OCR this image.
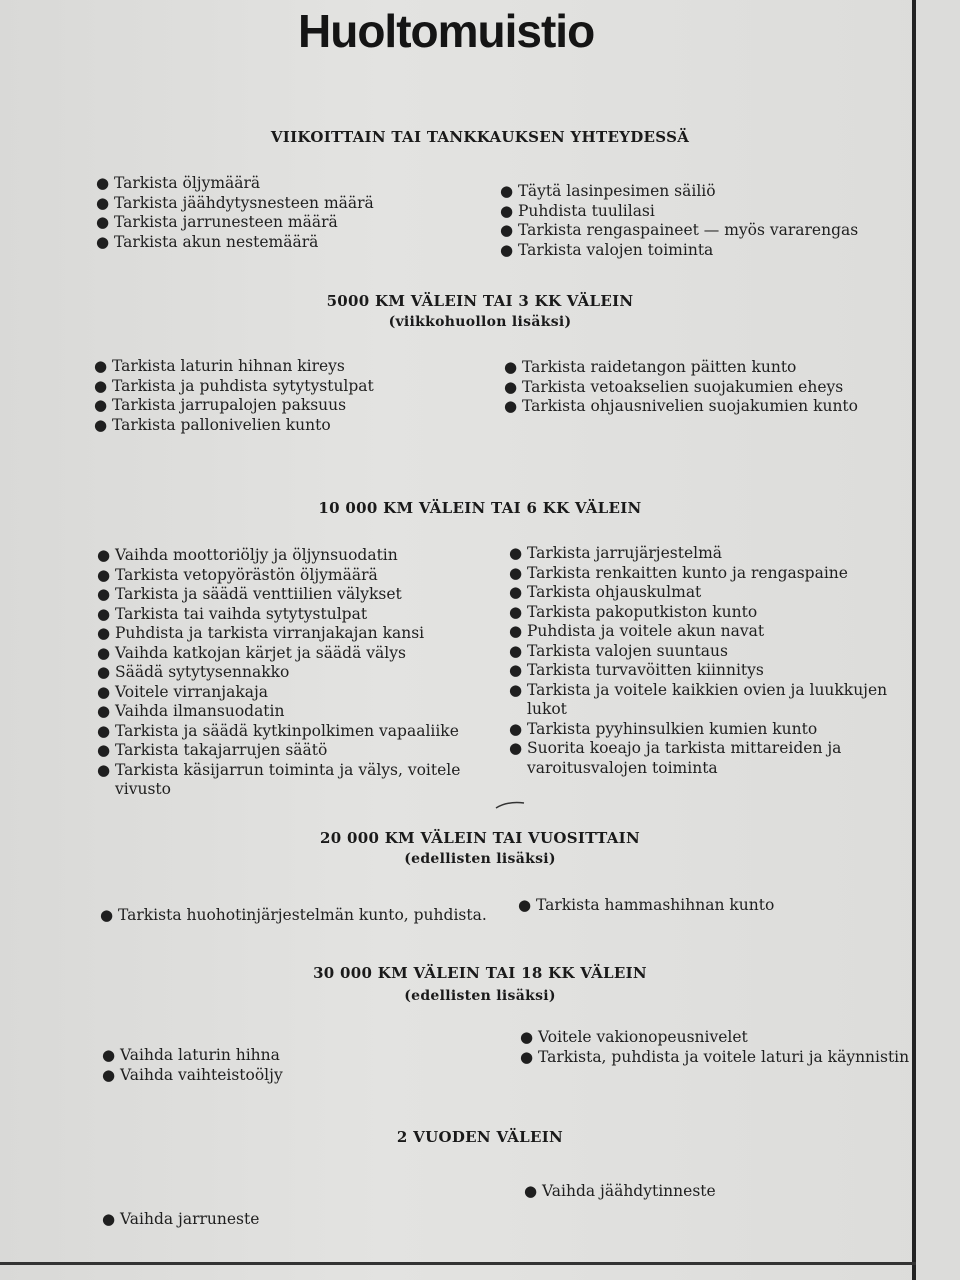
Huoltomuistio
VIIKOITTAIN TAI TANKKAUKSEN YHTEYDESSÄ
● Tarkista öljymäärä
● Tarkista jäähdytysnesteen määrä
● Tarkista jarrunesteen määrä
● Tarkista akun nestemäärä
● Täytä lasinpesimen säiliö
● Puhdista tuulilasi
● Tarkista rengaspaineet — myös vararengas
● Tarkista valojen toiminta
5000 KM VÄLEIN TAI 3 KK VÄLEIN
(viikkohuollon lisäksi)
● Tarkista laturin hihnan kireys
● Tarkista ja puhdista sytytystulpat
● Tarkista jarrupalojen paksuus
● Tarkista pallonivelien kunto
● Tarkista raidetangon päitten kunto
● Tarkista vetoakselien suojakumien eheys
● Tarkista ohjausnivelien suojakumien kunto
10 000 KM VÄLEIN TAI 6 KK VÄLEIN
● Vaihda moottoriöljy ja öljynsuodatin
● Tarkista vetopyörästön öljymäärä
● Tarkista ja säädä venttiilien välykset
● Tarkista tai vaihda sytytystulpat
● Puhdista ja tarkista virranjakajan kansi
● Vaihda katkojan kärjet ja säädä välys
● Säädä sytytysennakko
● Voitele virranjakaja
● Vaihda ilmansuodatin
● Tarkista ja säädä kytkinpolkimen vapaaliike
● Tarkista takajarrujen säätö
● Tarkista käsijarrun toiminta ja välys, voitele vivusto
● Tarkista jarrujärjestelmä
● Tarkista renkaitten kunto ja rengaspaine
● Tarkista ohjauskulmat
● Tarkista pakoputkiston kunto
● Puhdista ja voitele akun navat
● Tarkista valojen suuntaus
● Tarkista turvavöitten kiinnitys
● Tarkista ja voitele kaikkien ovien ja luukkujen lukot
● Tarkista pyyhinsulkien kumien kunto
● Suorita koeajo ja tarkista mittareiden ja varoitusvalojen toiminta
20 000 KM VÄLEIN TAI VUOSITTAIN
(edellisten lisäksi)
● Tarkista huohotinjärjestelmän kunto, puhdista.
● Tarkista hammashihnan kunto
30 000 KM VÄLEIN TAI 18 KK VÄLEIN
(edellisten lisäksi)
● Vaihda laturin hihna
● Vaihda vaihteistoöljy
● Voitele vakionopeusnivelet
● Tarkista, puhdista ja voitele laturi ja käynnistin
2 VUODEN VÄLEIN
● Vaihda jarruneste
● Vaihda jäähdytinneste
